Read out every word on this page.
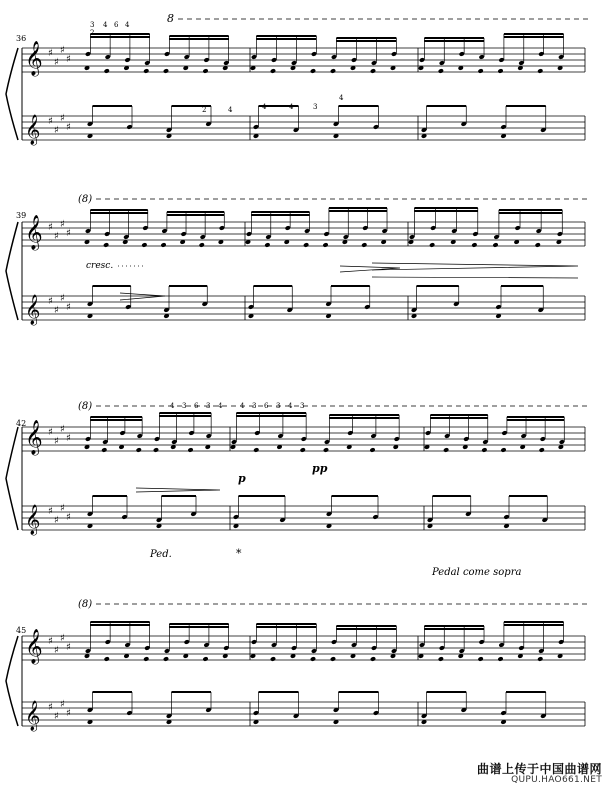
𝄞 ♯
♯
♯
♯
𝄞 ♯
♯
♯
♯
𝄞 ♯
♯
♯
♯
𝄞 ♯
♯
♯
♯
𝄞 ♯
♯
♯
♯
𝄞 ♯
♯
♯
♯
𝄞 ♯
♯
♯
♯
𝄞 ♯
♯
♯
♯
36
39
42
45
8
(8)
(8)
(8)
3
2
4 6 4
2	4	4	4	3
4
4 3 6 3 4	4 3 6 3 4 3
cresc.
p
pp
Ped.	*
Pedal come sopra
曲谱上传于中国曲谱网
QUPU.HAO661.NET
